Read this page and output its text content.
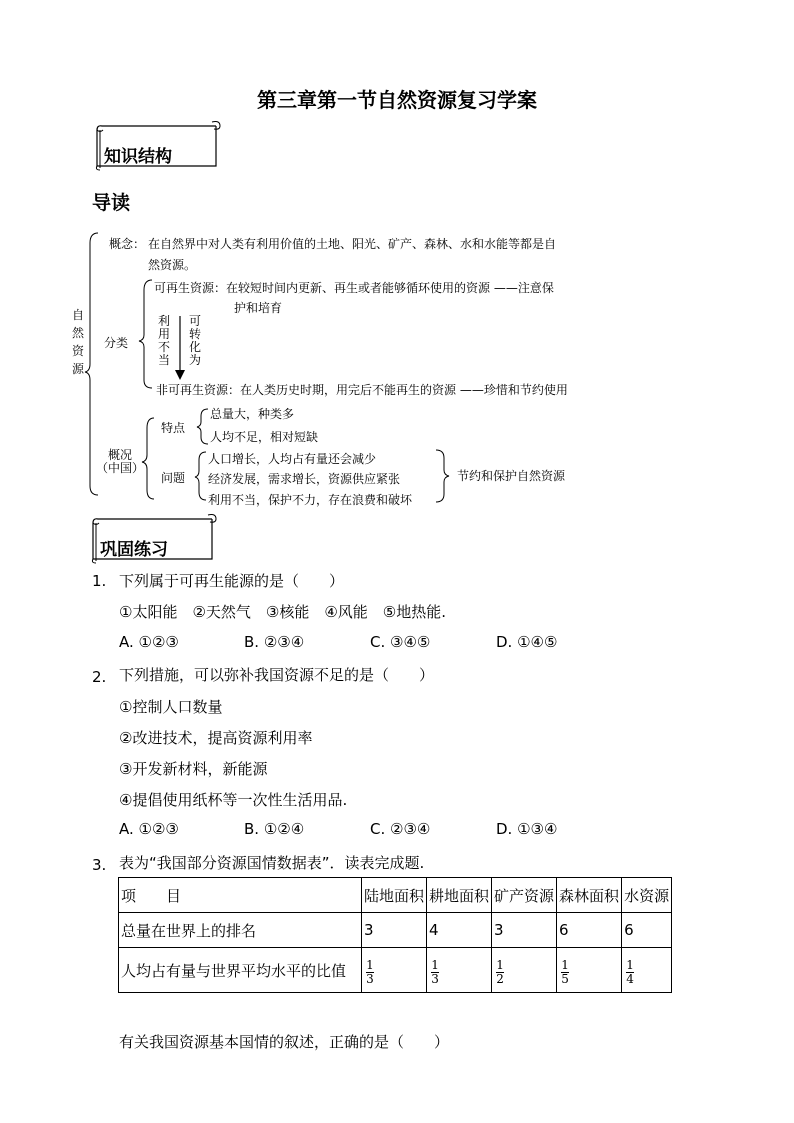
第三章第一节自然资源复习学案
知识结构
导读
自然资源
概念： 在自然界中对人类有利用价值的土地、阳光、矿产、森林、水和水能等都是自
然资源。
分类
可再生资源：在较短时间内更新、再生或者能够循环使用的资源 ——注意保
护和培育
利用不当
可转化为
非可再生资源：在人类历史时期，用完后不能再生的资源 ——珍惜和节约使用
概况
（中国）
特点
总量大，种类多
人均不足，相对短缺
问题
人口增长，人均占有量还会减少
经济发展，需求增长，资源供应紧张
利用不当，保护不力，存在浪费和破坏
节约和保护自然资源
巩固练习
1. 下列属于可再生能源的是（　　）
①太阳能　②天然气　③核能　④风能　⑤地热能.
A. ①②③	B. ②③④	C. ③④⑤	D. ①④⑤
2. 下列措施，可以弥补我国资源不足的是（　　）
①控制人口数量
②改进技术，提高资源利用率
③开发新材料，新能源
④提倡使用纸杯等一次性生活用品.
A. ①②③	B. ①②④	C. ②③④	D. ①③④
3. 表为“我国部分资源国情数据表”．读表完成题.
项　　目	陆地面积	耕地面积	矿产资源	森林面积	水资源
总量在世界上的排名	3	4	3	6	6
人均占有量与世界平均水平的比值	$\frac{1}{3}$	$\frac{1}{3}$	$\frac{1}{2}$	$\frac{1}{5}$	$\frac{1}{4}$
有关我国资源基本国情的叙述，正确的是（　　）
